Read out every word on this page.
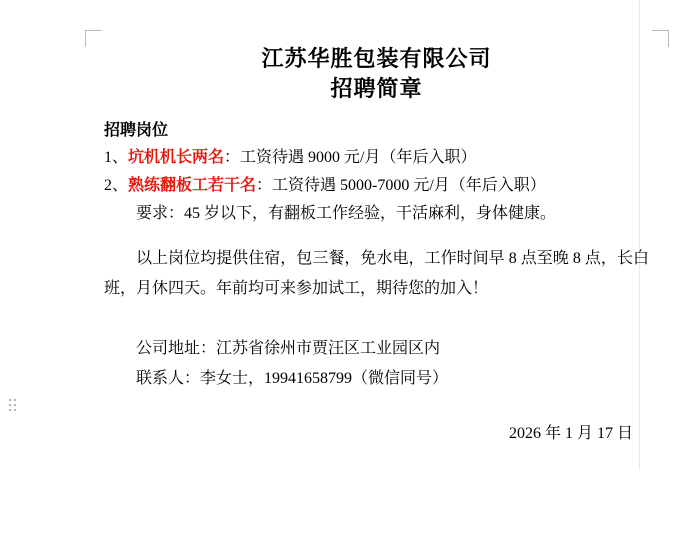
江苏华胜包装有限公司
招聘简章
招聘岗位
1、坑机机长两名：工资待遇 9000 元/月（年后入职）
2、熟练翻板工若干名：工资待遇 5000-7000 元/月（年后入职）
要求：45 岁以下，有翻板工作经验，干活麻利，身体健康。
以上岗位均提供住宿，包三餐，免水电，工作时间早 8 点至晚 8 点，长白班，月休四天。年前均可来参加试工，期待您的加入！
公司地址：江苏省徐州市贾汪区工业园区内
联系人：李女士，19941658799（微信同号）
2026 年 1 月 17 日
